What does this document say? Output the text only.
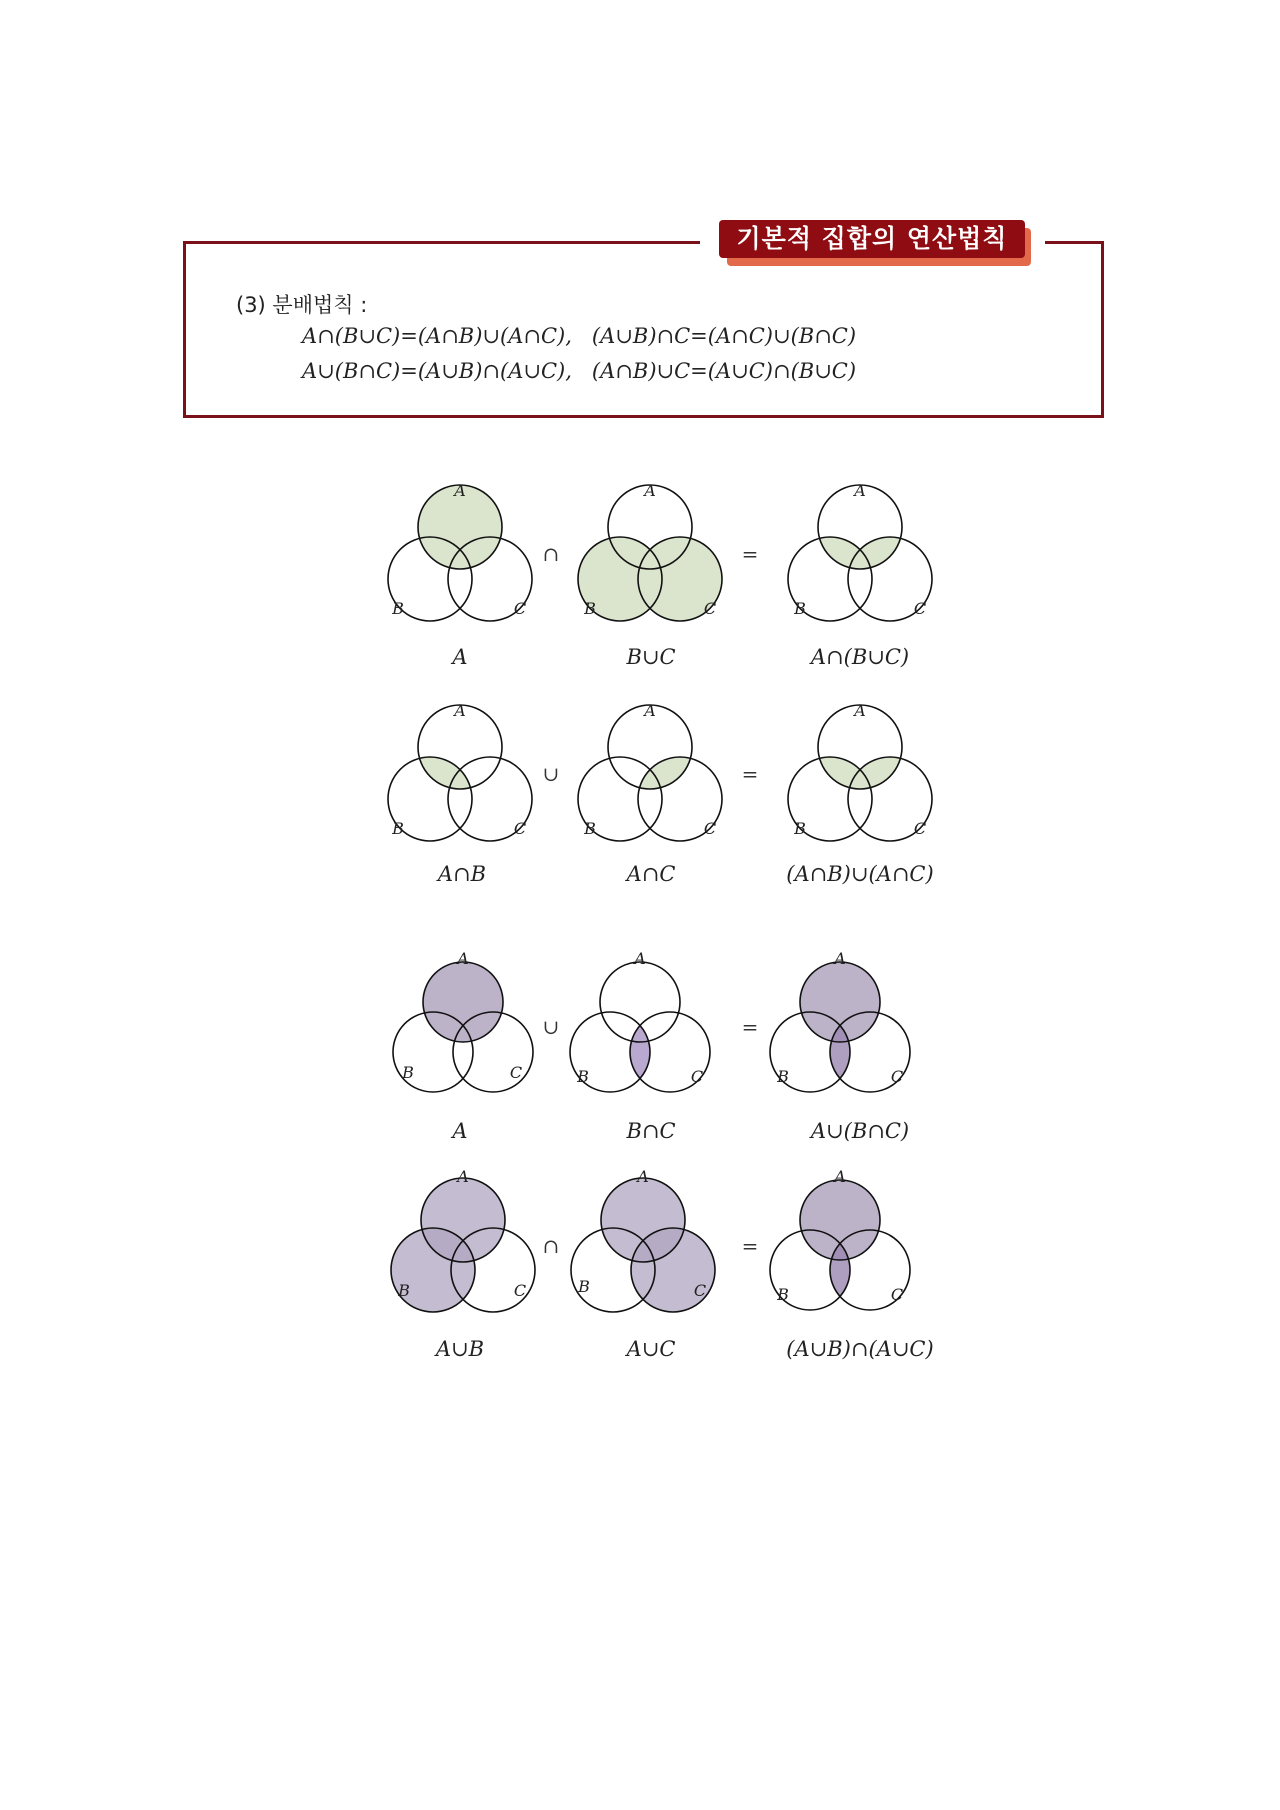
기본적 집합의 연산법칙
(3) 분배법칙 :
A∩(B∪C)=(A∩B)∪(A∩C),   (A∪B)∩C=(A∩C)∪(B∩C)
A∪(B∩C)=(A∪B)∩(A∪C),   (A∩B)∪C=(A∪C)∩(B∪C)
A
B	C
A
B	C
A
B	C
A
B	C
A
B	C
A
B	C
A
B	C
A
B	C
A
B	C
A
B	C
A
B	C
A
B	C
∩	=
∪	=
∪	=
∩	=
A	B∪C	A∩(B∪C)
A∩B	A∩C	(A∩B)∪(A∩C)
A	B∩C	A∪(B∩C)
A∪B	A∪C	(A∪B)∩(A∪C)
